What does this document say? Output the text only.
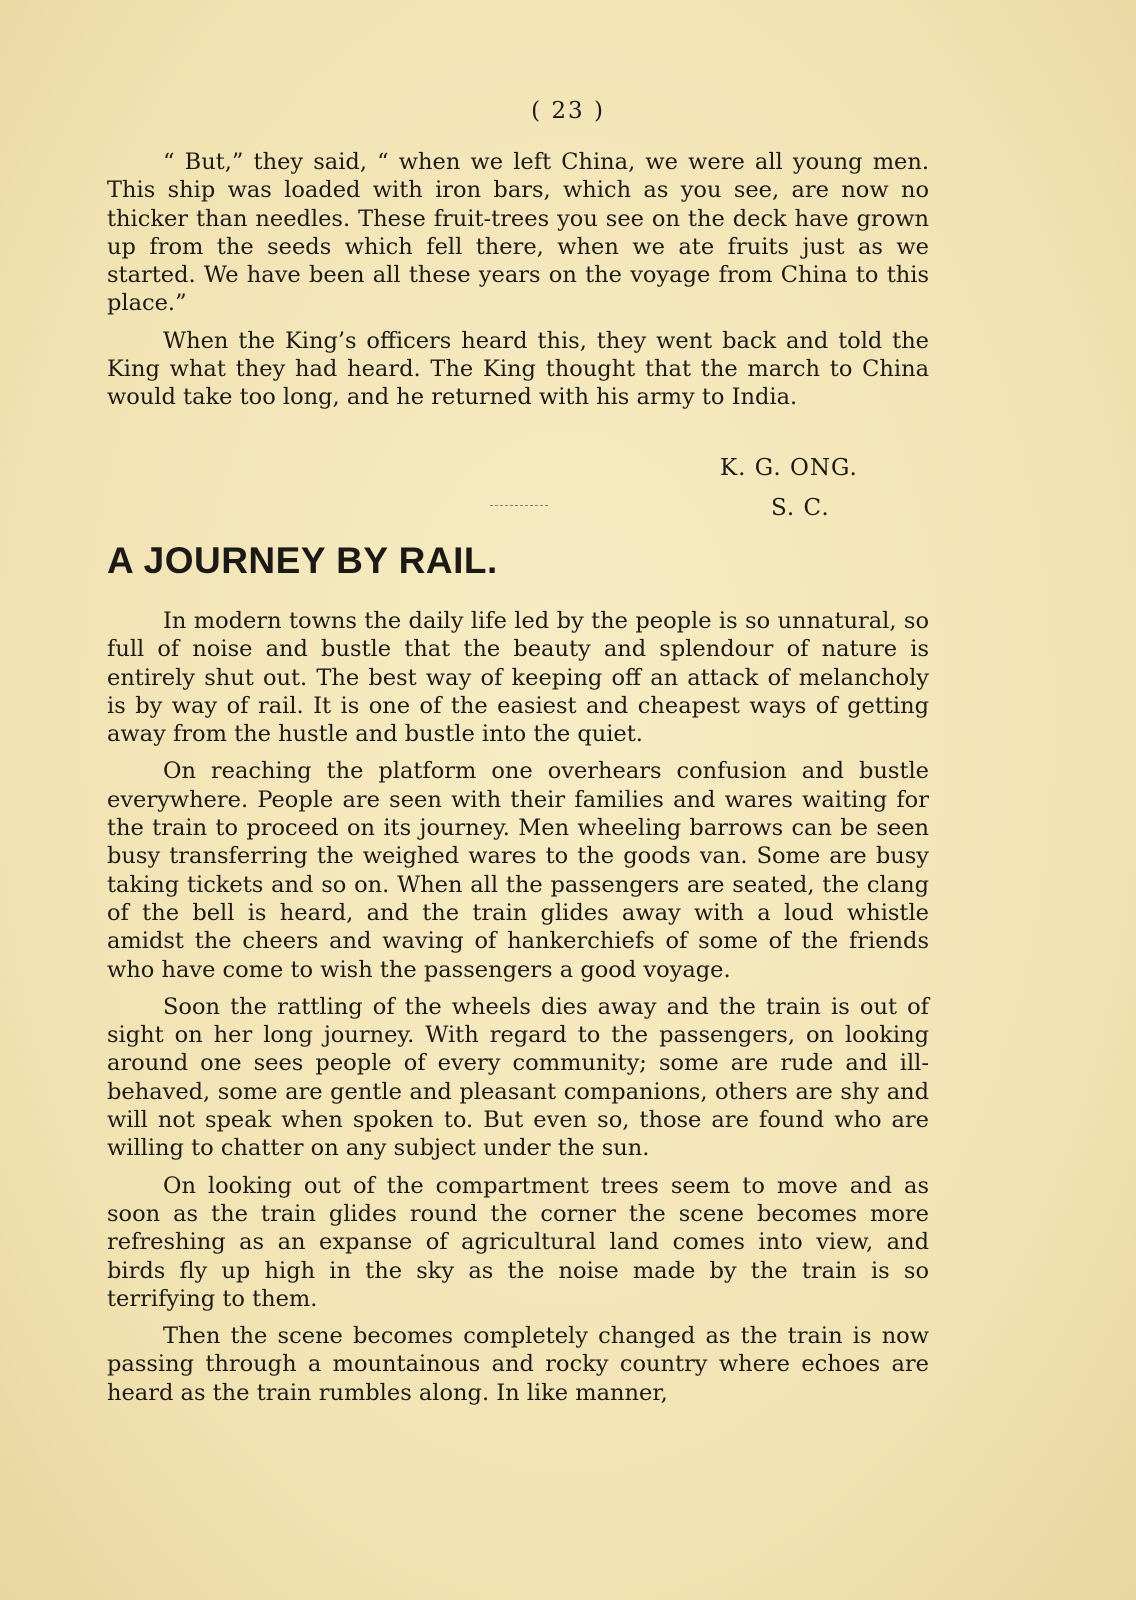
( 23 )

“ But,” they said, “ when we left China, we were all young men. This ship was loaded with iron bars, which as you see, are now no thicker than needles. These fruit-trees you see on the deck have grown up from the seeds which fell there, when we ate fruits just as we started. We have been all these years on the voyage from China to this place.”

When the King’s officers heard this, they went back and told the King what they had heard. The King thought that the march to China would take too long, and he returned with his army to India.

K. G. ONG.
S. C.
A JOURNEY BY RAIL.

In modern towns the daily life led by the people is so unnatural, so full of noise and bustle that the beauty and splendour of nature is entirely shut out. The best way of keeping off an attack of melancholy is by way of rail. It is one of the easiest and cheapest ways of getting away from the hustle and bustle into the quiet.

On reaching the platform one overhears confusion and bustle everywhere. People are seen with their families and wares waiting for the train to proceed on its journey. Men wheeling barrows can be seen busy transferring the weighed wares to the goods van. Some are busy taking tickets and so on. When all the passengers are seated, the clang of the bell is heard, and the train glides away with a loud whistle amidst the cheers and waving of hankerchiefs of some of the friends who have come to wish the passengers a good voyage.

Soon the rattling of the wheels dies away and the train is out of sight on her long journey. With regard to the passengers, on looking around one sees people of every community; some are rude and ill-behaved, some are gentle and pleasant companions, others are shy and will not speak when spoken to. But even so, those are found who are willing to chatter on any subject under the sun.

On looking out of the compartment trees seem to move and as soon as the train glides round the corner the scene becomes more refreshing as an expanse of agricultural land comes into view, and birds fly up high in the sky as the noise made by the train is so terrifying to them.

Then the scene becomes completely changed as the train is now passing through a mountainous and rocky country where echoes are heard as the train rumbles along. In like manner,
